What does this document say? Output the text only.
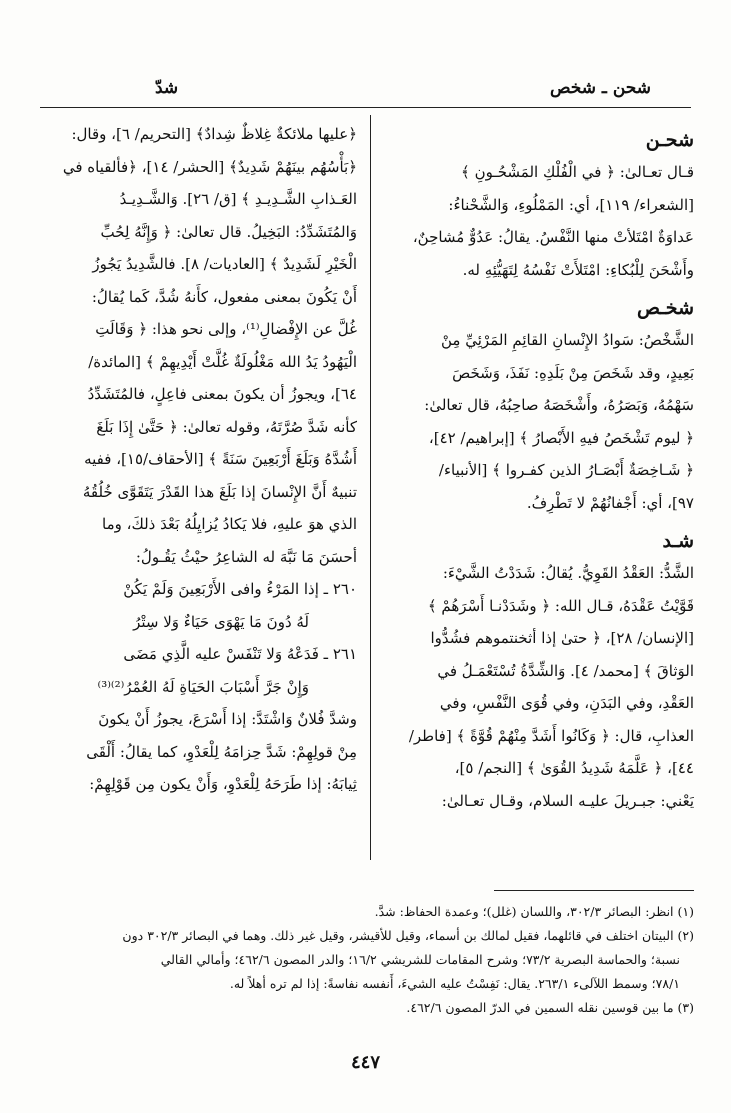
شحن ـ شخص
شدّ
شحـن
قـال تعـالىٰ: ﴿ في الْفُلْكِ المَشْحُـونِ ﴾
[الشعراء/ ١١٩]، أي: المَمْلُوءِ، وَالشَّحْناءُ:
عَداوَةٌ امْتَلأتْ منها النَّفْسُ. يقالُ: عَدُوٌّ مُشاحِنٌ،
وأَشْحَنَ لِلْبُكاءِ: امْتَلأَتْ نَفْسُهُ لِتَهَيُّئِهِ له.
شخـص
الشَّخْصُ: سَوادُ الإِنْسانِ القائِمِ المَرْئِيِّ مِنْ
بَعِيدٍ، وقد شَخَصَ مِنْ بَلَدِهِ: نَفَذَ، وَشَخَصَ
سَهْمُهُ، وَبَصَرُهُ، وأَشْخَصَهُ صاحِبُهُ، قال تعالىٰ:
﴿ ليوم تَشْخَصُ فيهِ الأَبْصارُ ﴾ [إبراهيم/ ٤٢]،
﴿ شَـاخِصَةٌ أَبْصَـارُ الذين كفـروا ﴾ [الأنبياء/
٩٧]، أي: أَجْفانُهُمْ لا تَطْرِفُ.
شـد
الشَّدُّ: العَقْدُ القَوِيُّ. يُقالُ: شَدَدْتُ الشَّيْءَ:
قَوَّيْتُ عَقْدَهُ، قـال الله: ﴿ وشَدَدْنـا أَسْرَهُمْ ﴾
[الإنسان/ ٢٨]، ﴿ حتىٰ إذا أثخنتموهم فشُدُّوا
الوَثاقَ ﴾ [محمد/ ٤]. وَالشِّدَّةُ تُسْتَعْمَـلُ في
العَقْدِ، وفي البَدَنِ، وفي قُوَى النَّفْسِ، وفي
العذابِ، قال: ﴿ وَكَانُوا أَشَدَّ مِنْهُمْ قُوَّةً ﴾ [فاطر/
٤٤]، ﴿ عَلَّمَهُ شَدِيدُ القُوَىٰ ﴾ [النجم/ ٥]،
يَعْني: جبـريلَ عليـه السلام، وقـال تعـالىٰ:
﴿عليها ملائكةٌ غِلاظٌ شِدادٌ﴾ [التحريم/ ٦]، وقال:
﴿بَأْسُهُم بينَهُمْ شَدِيدٌ﴾ [الحشر/ ١٤]، ﴿فألقياه في
العَـذابِ الشَّـدِيـدِ ﴾ [ق/ ٢٦]. وَالشَّـدِيـدُ
وَالمُتَشَدِّدُ: البَخِيلُ. قال تعالىٰ: ﴿ وَإِنَّهُ لِحُبِّ
الْخَيْرِ لَشَدِيدٌ ﴾ [العاديات/ ٨]. فالشَّدِيدُ يَجُوزُ
أَنْ يَكُونَ بمعنى مفعول، كأَنهُ شُدَّ، كَما يُقالُ:
غُلَّ عن الإِفْضالِ⁽¹⁾، وإلى نحو هذا: ﴿ وَقَالَتِ
الْيَهُودُ يَدُ الله مَغْلُولَةٌ غُلَّتْ أَيْدِيهِمْ ﴾ [المائدة/
٦٤]، ويجوزُ أن يكونَ بمعنى فاعِلٍ، فالمُتَشَدِّدُ
كأنه شَدَّ صُرَّتَهُ، وقوله تعالىٰ: ﴿ حَتَّىٰ إِذَا بَلَغَ
أَشُدَّهُ وَبَلَغَ أَرْبَعِينَ سَنَةً ﴾ [الأحقاف/١٥]، ففيه
تنبيهٌ أَنَّ الإِنْسانَ إذا بَلَغَ هذا القَدْرَ يَتَقَوَّى خُلُقُهُ
الذي هوَ عليهِ، فلا يَكادُ يُزايِلُهُ بَعْدَ ذلكَ، وما
أحسَنَ مَا نَبَّهَ له الشاعِرُ حيْثُ يَقُـولُ:
٢٦٠ ـ إذا المَرْءُ وافى الأَرْبَعِينَ وَلَمْ يَكُنْ
لَهُ دُونَ مَا يَهْوَى حَيَاءٌ وَلا سِتْرُ
٢٦١ ـ فَدَعْهُ وَلا تَنْفَسْ عليه الَّذِي مَضَى
وَإِنْ جَرَّ أَسْبَابَ الحَيَاةِ لَهُ العُمْرُ⁽²⁾⁽³⁾
وشدَّ فُلانٌ وَاشْتَدَّ: إذا أَسْرَعَ، يجوزُ أَنْ يكونَ
مِنْ قولِهِمْ: شَدَّ حِزامَهُ لِلْعَدْوِ، كما يقالُ: أَلْقَى
ثِيابَهُ: إذا طَرَحَهُ لِلْعَدْوِ، وَأَنْ يكون مِن قَوْلِهِمْ:
(١) انظر: البصائر ٣٠٢/٣، واللسان (غلل)؛ وعمدة الحفاظ: شدَّ.
(٢) البيتان اختلف في قائلهما، فقيل لمالك بن أسماء، وقيل للأقيشر، وقيل غير ذلك. وهما في البصائر ٣٠٢/٣ دون
نسبة؛ والحماسة البصرية ٧٣/٢؛ وشرح المقامات للشريشي ١٦/٢؛ والدر المصون ٤٦٢/٦؛ وأمالي القالي
٧٨/١؛ وسمط اللآلىء ٢٦٣/١. يقال: نَفِسْتُ عليه الشيءَ، أَنفسه نفاسةً: إذا لم تره أهلاً له.
(٣) ما بين قوسين نقله السمين في الدرّ المصون ٤٦٢/٦.
٤٤٧
